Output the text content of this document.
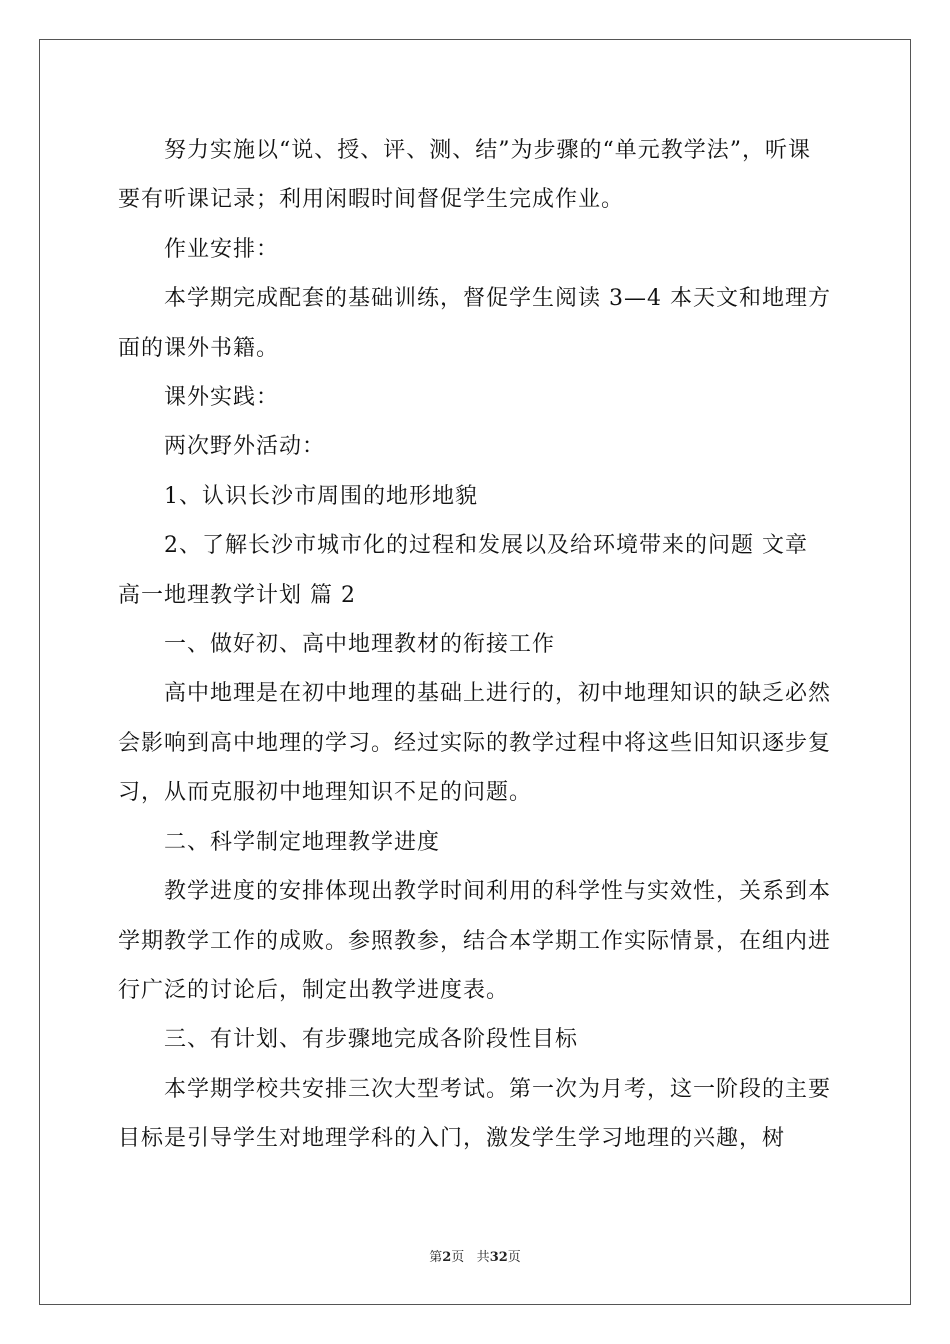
努力实施以“说、授、评、测、结”为步骤的“单元教学法”，听课要有听课记录；利用闲暇时间督促学生完成作业。

作业安排：

本学期完成配套的基础训练，督促学生阅读 3—4 本天文和地理方面的课外书籍。

课外实践：

两次野外活动：

1、认识长沙市周围的地形地貌

2、了解长沙市城市化的过程和发展以及给环境带来的问题 文章

高一地理教学计划 篇 2

一、做好初、高中地理教材的衔接工作

高中地理是在初中地理的基础上进行的，初中地理知识的缺乏必然会影响到高中地理的学习。经过实际的教学过程中将这些旧知识逐步复习，从而克服初中地理知识不足的问题。

二、科学制定地理教学进度

教学进度的安排体现出教学时间利用的科学性与实效性，关系到本学期教学工作的成败。参照教参，结合本学期工作实际情景，在组内进行广泛的讨论后，制定出教学进度表。

三、有计划、有步骤地完成各阶段性目标

本学期学校共安排三次大型考试。第一次为月考，这一阶段的主要目标是引导学生对地理学科的入门，激发学生学习地理的兴趣，树

第2页 共32页
